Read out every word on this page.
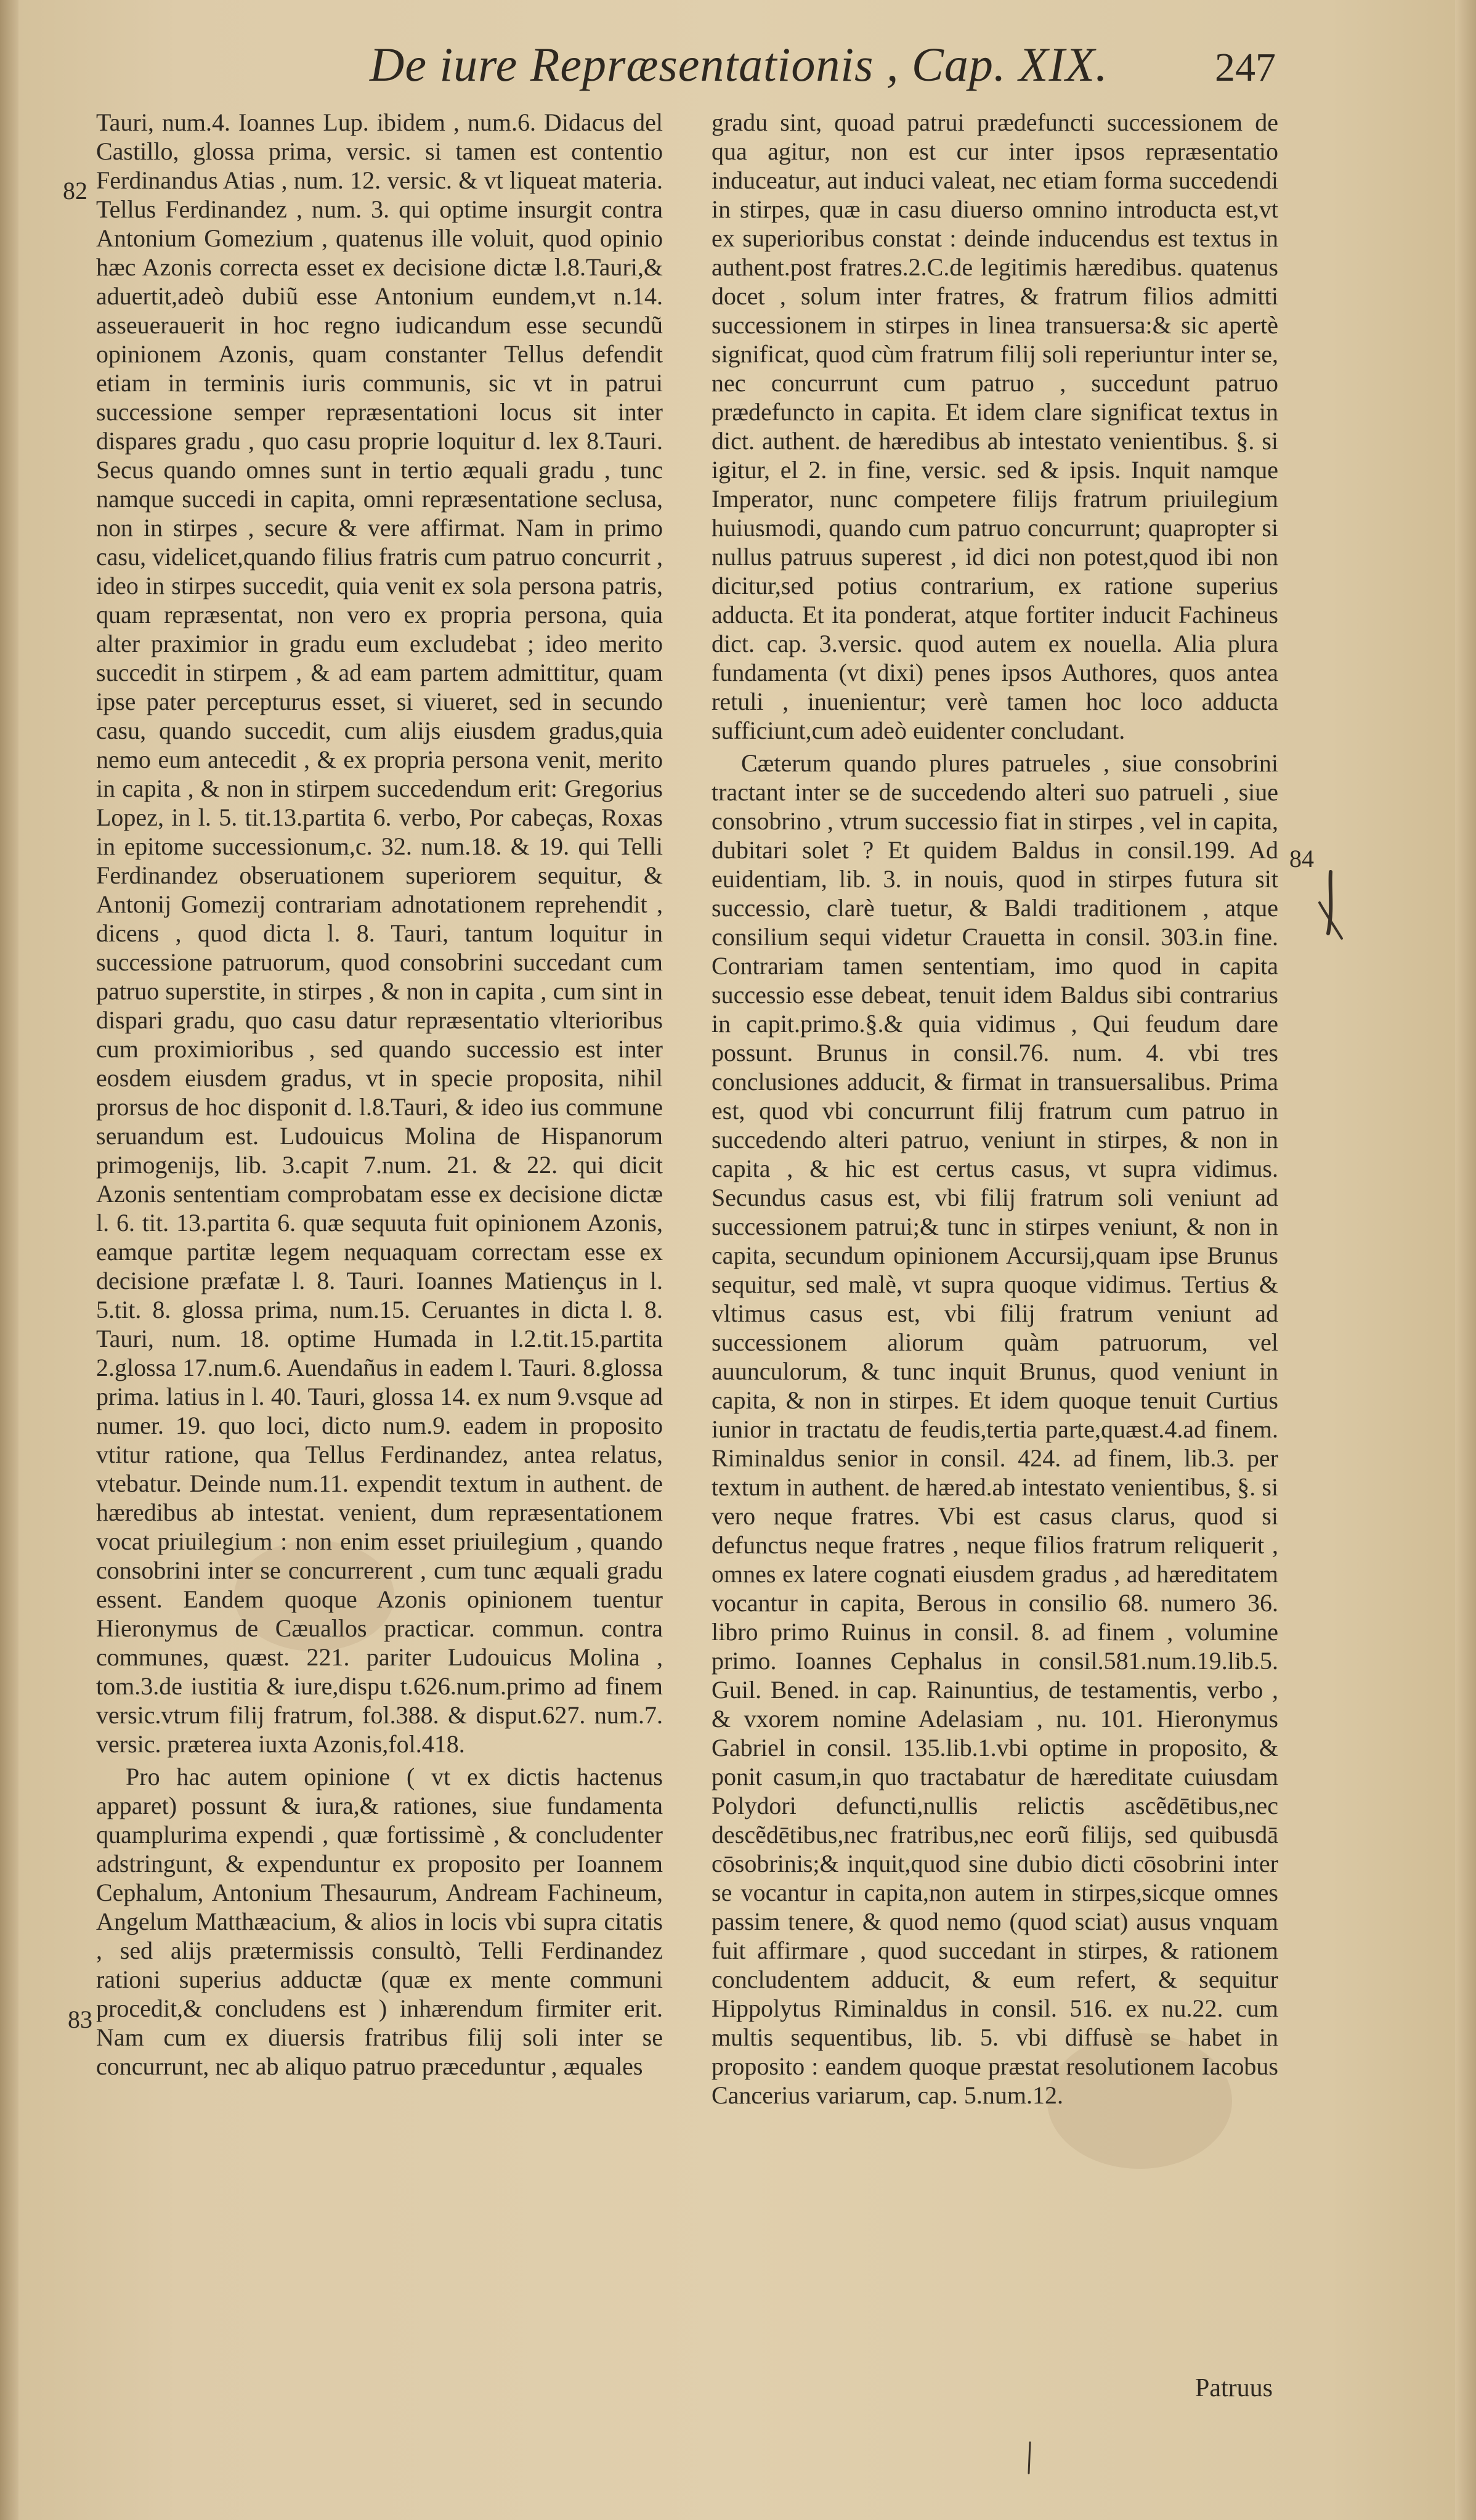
De iure Repræsentationis , Cap. XIX.	247
82
83
84

Tauri, num.4. Ioannes Lup. ibidem , num.6. Didacus del Castillo, glossa prima, versic. si tamen est contentio Ferdinandus Atias , num. 12. versic. & vt liqueat materia. Tellus Ferdinandez , num. 3. qui optime insurgit contra Antonium Gomezium , quatenus ille voluit, quod opinio hæc Azonis correcta esset ex decisione dictæ l.8.Tauri,& aduertit,adeò dubiũ esse Antonium eundem,vt n.14. asseuerauerit in hoc regno iudicandum esse secundũ opinionem Azonis, quam constanter Tellus defendit etiam in terminis iuris communis, sic vt in patrui successione semper repræsentationi locus sit inter dispares gradu , quo casu proprie loquitur d. lex 8.Tauri. Secus quando omnes sunt in tertio æquali gradu , tunc namque succedi in capita, omni repræsentatione seclusa, non in stirpes , secure & vere affirmat. Nam in primo casu, videlicet,quando filius fratris cum patruo concurrit , ideo in stirpes succedit, quia venit ex sola persona patris, quam repræsentat, non vero ex propria persona, quia alter praximior in gradu eum excludebat ; ideo merito succedit in stirpem , & ad eam partem admittitur, quam ipse pater percepturus esset, si viueret, sed in secundo casu, quando succedit, cum alijs eiusdem gradus,quia nemo eum antecedit , & ex propria persona venit, merito in capita , & non in stirpem succedendum erit: Gregorius Lopez, in l. 5. tit.13.partita 6. verbo, Por cabeças, Roxas in epitome successionum,c. 32. num.18. & 19. qui Telli Ferdinandez obseruationem superiorem sequitur, & Antonij Gomezij contrariam adnotationem reprehendit , dicens , quod dicta l. 8. Tauri, tantum loquitur in successione patruorum, quod consobrini succedant cum patruo superstite, in stirpes , & non in capita , cum sint in dispari gradu, quo casu datur repræsentatio vlterioribus cum proximioribus , sed quando successio est inter eosdem eiusdem gradus, vt in specie proposita, nihil prorsus de hoc disponit d. l.8.Tauri, & ideo ius commune seruandum est. Ludouicus Molina de Hispanorum primogenijs, lib. 3.capit 7.num. 21. & 22. qui dicit Azonis sententiam comprobatam esse ex decisione dictæ l. 6. tit. 13.partita 6. quæ sequuta fuit opinionem Azonis, eamque partitæ legem nequaquam correctam esse ex decisione præfatæ l. 8. Tauri. Ioannes Matiençus in l. 5.tit. 8. glossa prima, num.15. Ceruantes in dicta l. 8. Tauri, num. 18. optime Humada in l.2.tit.15.partita 2.glossa 17.num.6. Auendañus in eadem l. Tauri. 8.glossa prima. latius in l. 40. Tauri, glossa 14. ex num 9.vsque ad numer. 19. quo loci, dicto num.9. eadem in proposito vtitur ratione, qua Tellus Ferdinandez, antea relatus, vtebatur. Deinde num.11. expendit textum in authent. de hæredibus ab intestat. venient, dum repræsentationem vocat priuilegium : non enim esset priuilegium , quando consobrini inter se concurrerent , cum tunc æquali gradu essent. Eandem quoque Azonis opinionem tuentur Hieronymus de Cæuallos practicar. commun. contra communes, quæst. 221. pariter Ludouicus Molina , tom.3.de iustitia & iure,dispu t.626.num.primo ad finem versic.vtrum filij fratrum, fol.388. & disput.627. num.7. versic. præterea iuxta Azonis,fol.418.

Pro hac autem opinione ( vt ex dictis hactenus apparet) possunt & iura,& rationes, siue fundamenta quamplurima expendi , quæ fortissimè , & concludenter adstringunt, & expenduntur ex proposito per Ioannem Cephalum, Antonium Thesaurum, Andream Fachineum, Angelum Matthæacium, & alios in locis vbi supra citatis , sed alijs prætermissis consultò, Telli Ferdinandez rationi superius adductæ (quæ ex mente communi procedit,& concludens est ) inhærendum firmiter erit. Nam cum ex diuersis fratribus filij soli inter se concurrunt, nec ab aliquo patruo præceduntur , æquales

gradu sint, quoad patrui prædefuncti successionem de qua agitur, non est cur inter ipsos repræsentatio induceatur, aut induci valeat, nec etiam forma succedendi in stirpes, quæ in casu diuerso omnino introducta est,vt ex superioribus constat : deinde inducendus est textus in authent.post fratres.2.C.de legitimis hæredibus. quatenus docet , solum inter fratres, & fratrum filios admitti successionem in stirpes in linea transuersa:& sic apertè significat, quod cùm fratrum filij soli reperiuntur inter se, nec concurrunt cum patruo , succedunt patruo prædefuncto in capita. Et idem clare significat textus in dict. authent. de hæredibus ab intestato venientibus. §. si igitur, el 2. in fine, versic. sed & ipsis. Inquit namque Imperator, nunc competere filijs fratrum priuilegium huiusmodi, quando cum patruo concurrunt; quapropter si nullus patruus superest , id dici non potest,quod ibi non dicitur,sed potius contrarium, ex ratione superius adducta. Et ita ponderat, atque fortiter inducit Fachineus dict. cap. 3.versic. quod autem ex nouella. Alia plura fundamenta (vt dixi) penes ipsos Authores, quos antea retuli , inuenientur; verè tamen hoc loco adducta sufficiunt,cum adeò euidenter concludant.

Cæterum quando plures patrueles , siue consobrini tractant inter se de succedendo alteri suo patrueli , siue consobrino , vtrum successio fiat in stirpes , vel in capita, dubitari solet ? Et quidem Baldus in consil.199. Ad euidentiam, lib. 3. in nouis, quod in stirpes futura sit successio, clarè tuetur, & Baldi traditionem , atque consilium sequi videtur Crauetta in consil. 303.in fine. Contrariam tamen sententiam, imo quod in capita successio esse debeat, tenuit idem Baldus sibi contrarius in capit.primo.§.& quia vidimus , Qui feudum dare possunt. Brunus in consil.76. num. 4. vbi tres conclusiones adducit, & firmat in transuersalibus. Prima est, quod vbi concurrunt filij fratrum cum patruo in succedendo alteri patruo, veniunt in stirpes, & non in capita , & hic est certus casus, vt supra vidimus. Secundus casus est, vbi filij fratrum soli veniunt ad successionem patrui;& tunc in stirpes veniunt, & non in capita, secundum opinionem Accursij,quam ipse Brunus sequitur, sed malè, vt supra quoque vidimus. Tertius & vltimus casus est, vbi filij fratrum veniunt ad successionem aliorum quàm patruorum, vel auunculorum, & tunc inquit Brunus, quod veniunt in capita, & non in stirpes. Et idem quoque tenuit Curtius iunior in tractatu de feudis,tertia parte,quæst.4.ad finem. Riminaldus senior in consil. 424. ad finem, lib.3. per textum in authent. de hæred.ab intestato venientibus, §. si vero neque fratres. Vbi est casus clarus, quod si defunctus neque fratres , neque filios fratrum reliquerit , omnes ex latere cognati eiusdem gradus , ad hæreditatem vocantur in capita, Berous in consilio 68. numero 36. libro primo Ruinus in consil. 8. ad finem , volumine primo. Ioannes Cephalus in consil.581.num.19.lib.5. Guil. Bened. in cap. Rainuntius, de testamentis, verbo , & vxorem nomine Adelasiam , nu. 101. Hieronymus Gabriel in consil. 135.lib.1.vbi optime in proposito, & ponit casum,in quo tractabatur de hæreditate cuiusdam Polydori defuncti,nullis relictis ascẽdētibus,nec descẽdētibus,nec fratribus,nec eorũ filijs, sed quibusdā cōsobrinis;& inquit,quod sine dubio dicti cōsobrini inter se vocantur in capita,non autem in stirpes,sicque omnes passim tenere, & quod nemo (quod sciat) ausus vnquam fuit affirmare , quod succedant in stirpes, & rationem concludentem adducit, & eum refert, & sequitur Hippolytus Riminaldus in consil. 516. ex nu.22. cum multis sequentibus, lib. 5. vbi diffusè se habet in proposito : eandem quoque præstat resolutionem Iacobus Cancerius variarum, cap. 5.num.12.

Patruus
